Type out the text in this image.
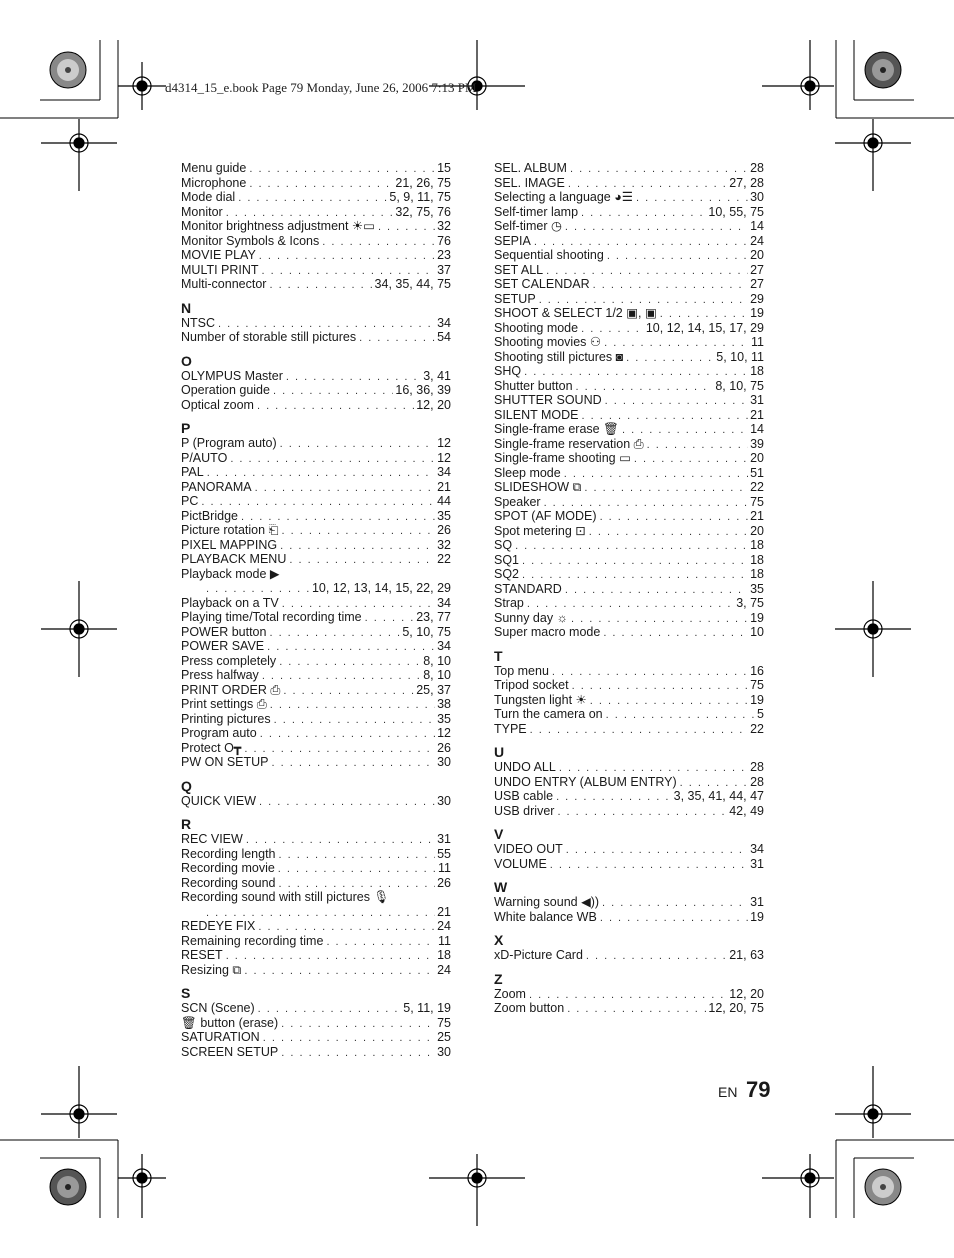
d4314_15_e.book Page 79 Monday, June 26, 2006 7:13 PM
Menu guide . . .	15
Microphone . . .	21, 26, 75
Mode dial . . .	5, 9, 11, 75
Monitor . . .	32, 75, 76
Monitor brightness adjustment ☀▭ . . .	32
Monitor Symbols & Icons . . .	76
MOVIE PLAY . . .	23
MULTI PRINT . . .	37
Multi-connector . . .	34, 35, 44, 75
N
NTSC . . .	34
Number of storable still pictures . . .	54
O
OLYMPUS Master . . .	3, 41
Operation guide . . .	16, 36, 39
Optical zoom . . .	12, 20
P
P (Program auto) . . .	12
P/AUTO . . .	12
PAL . . .	34
PANORAMA . . .	21
PC . . .	44
PictBridge . . .	35
Picture rotation ⎗ . . .	26
PIXEL MAPPING . . .	32
PLAYBACK MENU . . .	22
Playback mode ▶
. . .
10, 12, 13, 14, 15, 22, 29
Playback on a TV . . .	34
Playing time/Total recording time . . .	23, 77
POWER button . . .	5, 10, 75
POWER SAVE . . .	34
Press completely . . .	8, 10
Press halfway . . .	8, 10
PRINT ORDER ⎙ . . .	25, 37
Print settings ⎙ . . .	38
Printing pictures . . .	35
Program auto . . .	12
Protect O┳ . . .	26
PW ON SETUP . . .	30
Q
QUICK VIEW . . .	30
R
REC VIEW . . .	31
Recording length . . .	55
Recording movie . . .	11
Recording sound . . .	26
Recording sound with still pictures 🎙
. . .
21
REDEYE FIX . . .	24
Remaining recording time . . .	11
RESET . . .	18
Resizing ⧉ . . .	24
S
SCN (Scene) . . .	5, 11, 19
🗑 button (erase) . . .	75
SATURATION . . .	25
SCREEN SETUP . . .	30
SEL. ALBUM . . .	28
SEL. IMAGE . . .	27, 28
Selecting a language ◕☰ . . .	30
Self-timer lamp . . .	10, 55, 75
Self-timer ◷ . . .	14
SEPIA . . .	24
Sequential shooting . . .	20
SET ALL . . .	27
SET CALENDAR . . .	27
SETUP . . .	29
SHOOT & SELECT 1/2 ▣, ▣ . . .	19
Shooting mode . . .	10, 12, 14, 15, 17, 29
Shooting movies ⚇ . . .	11
Shooting still pictures ◙ . . .	5, 10, 11
SHQ . . .	18
Shutter button . . .	8, 10, 75
SHUTTER SOUND . . .	31
SILENT MODE . . .	21
Single-frame erase 🗑 . . .	14
Single-frame reservation ⎙ . . .	39
Single-frame shooting ▭ . . .	20
Sleep mode . . .	51
SLIDESHOW ⧉ . . .	22
Speaker . . .	75
SPOT (AF MODE) . . .	21
Spot metering ⊡ . . .	20
SQ . . .	18
SQ1 . . .	18
SQ2 . . .	18
STANDARD . . .	35
Strap . . .	3, 75
Sunny day ☼ . . .	19
Super macro mode . . .	10
T
Top menu . . .	16
Tripod socket . . .	75
Tungsten light ☀ . . .	19
Turn the camera on . . .	5
TYPE . . .	22
U
UNDO ALL . . .	28
UNDO ENTRY (ALBUM ENTRY) . . .	28
USB cable . . .	3, 35, 41, 44, 47
USB driver . . .	42, 49
V
VIDEO OUT . . .	34
VOLUME . . .	31
W
Warning sound ◀)) . . .	31
White balance WB . . .	19
X
xD-Picture Card . . .	21, 63
Z
Zoom . . .	12, 20
Zoom button . . .	12, 20, 75
EN 79
